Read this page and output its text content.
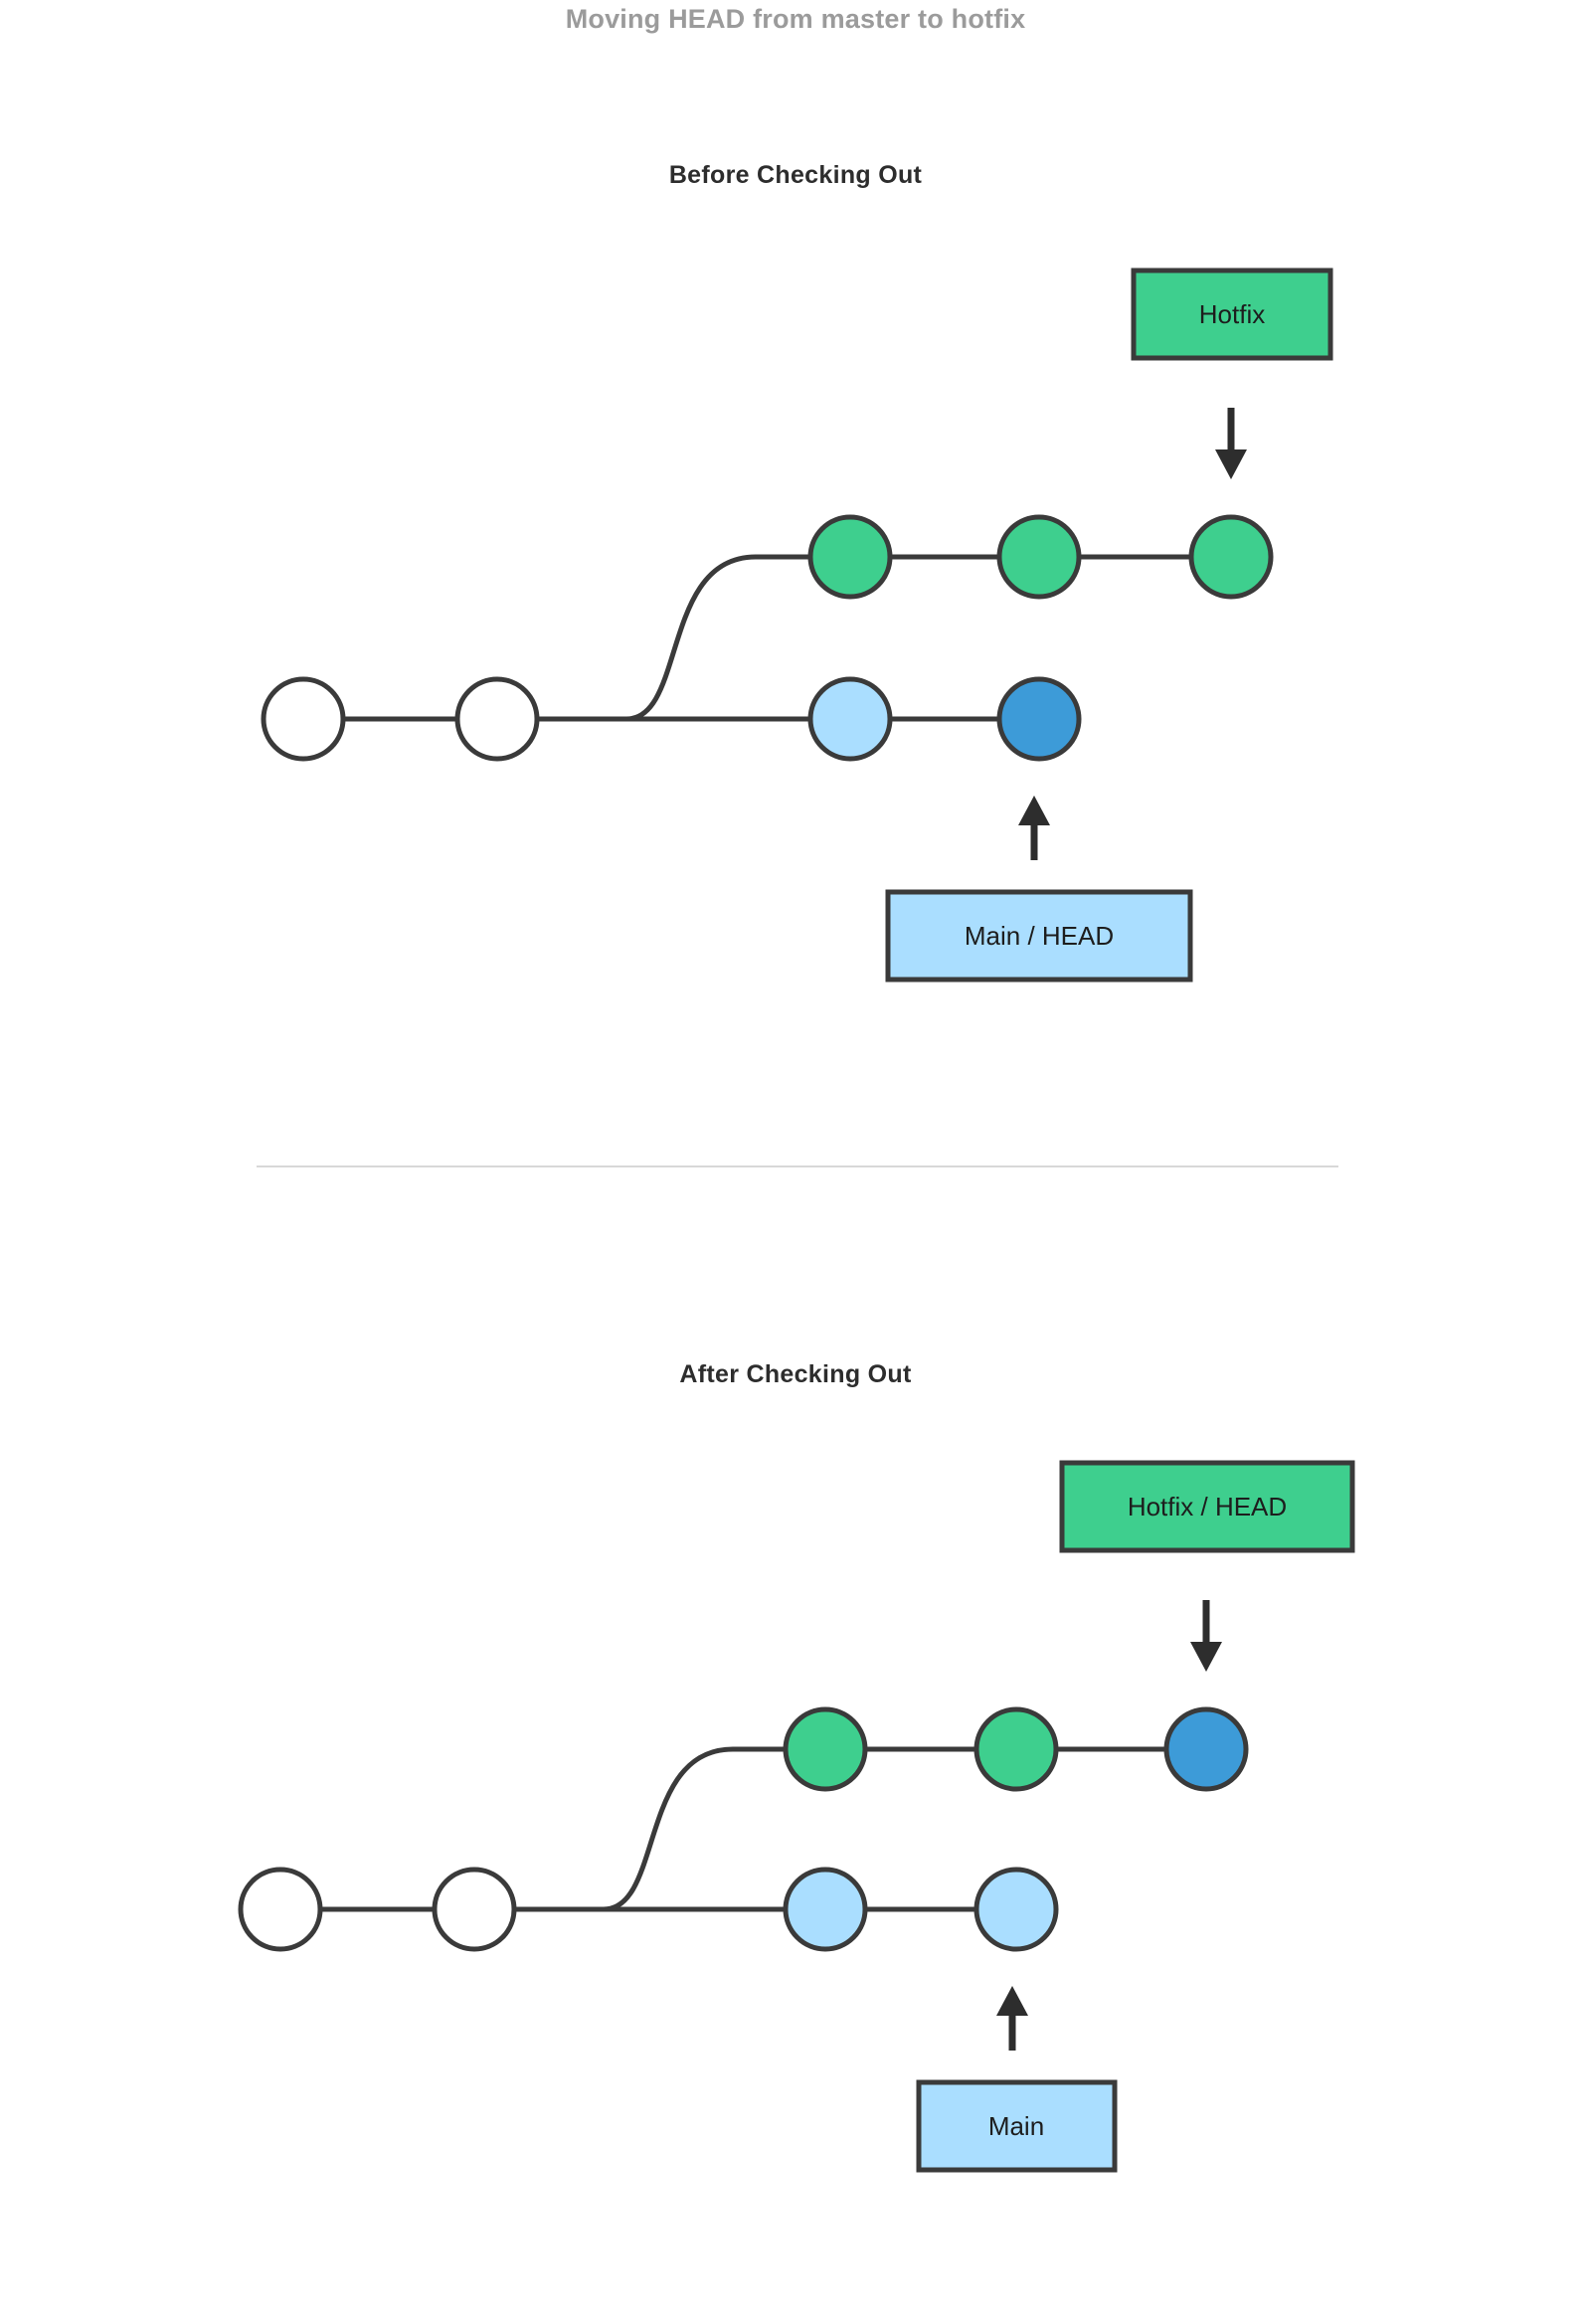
Moving HEAD from master to hotfix
Before Checking Out
Hotfix
Main / HEAD
After Checking Out
Hotfix / HEAD
Main
